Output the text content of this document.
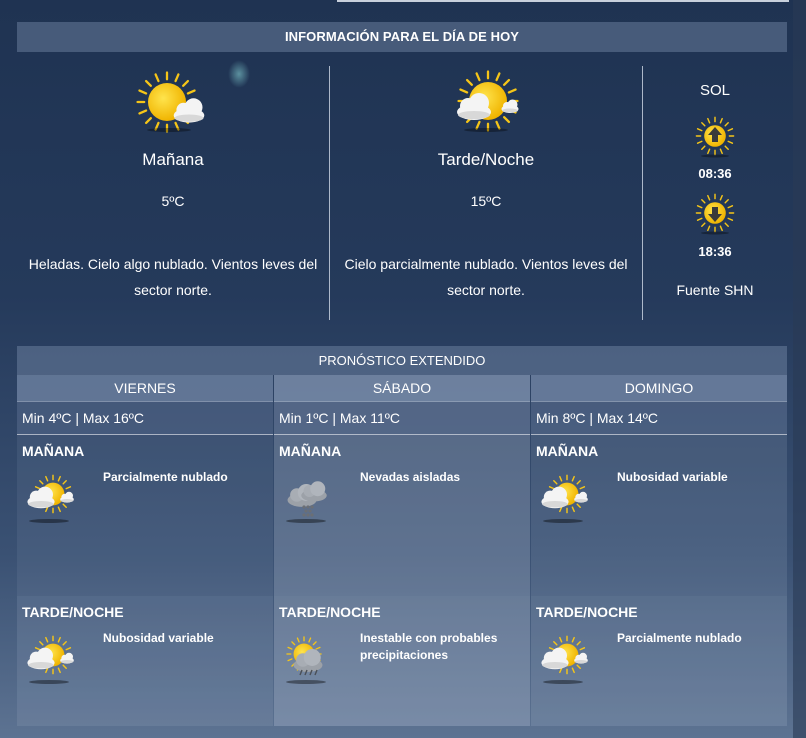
INFORMACIÓN PARA EL DÍA DE HOY
Mañana
5ºC
Heladas. Cielo algo nublado. Vientos leves del sector norte.
Tarde/Noche
15ºC
Cielo parcialmente nublado. Vientos leves del sector norte.
SOL
08:36
18:36
Fuente SHN
PRONÓSTICO EXTENDIDO
VIERNES
Min 4ºC | Max 16ºC
MAÑANA
Parcialmente nublado
TARDE/NOCHE
Nubosidad variable
SÁBADO
Min 1ºC | Max 11ºC
MAÑANA
Nevadas aisladas
TARDE/NOCHE
Inestable con probables precipitaciones
DOMINGO
Min 8ºC | Max 14ºC
MAÑANA
Nubosidad variable
TARDE/NOCHE
Parcialmente nublado
